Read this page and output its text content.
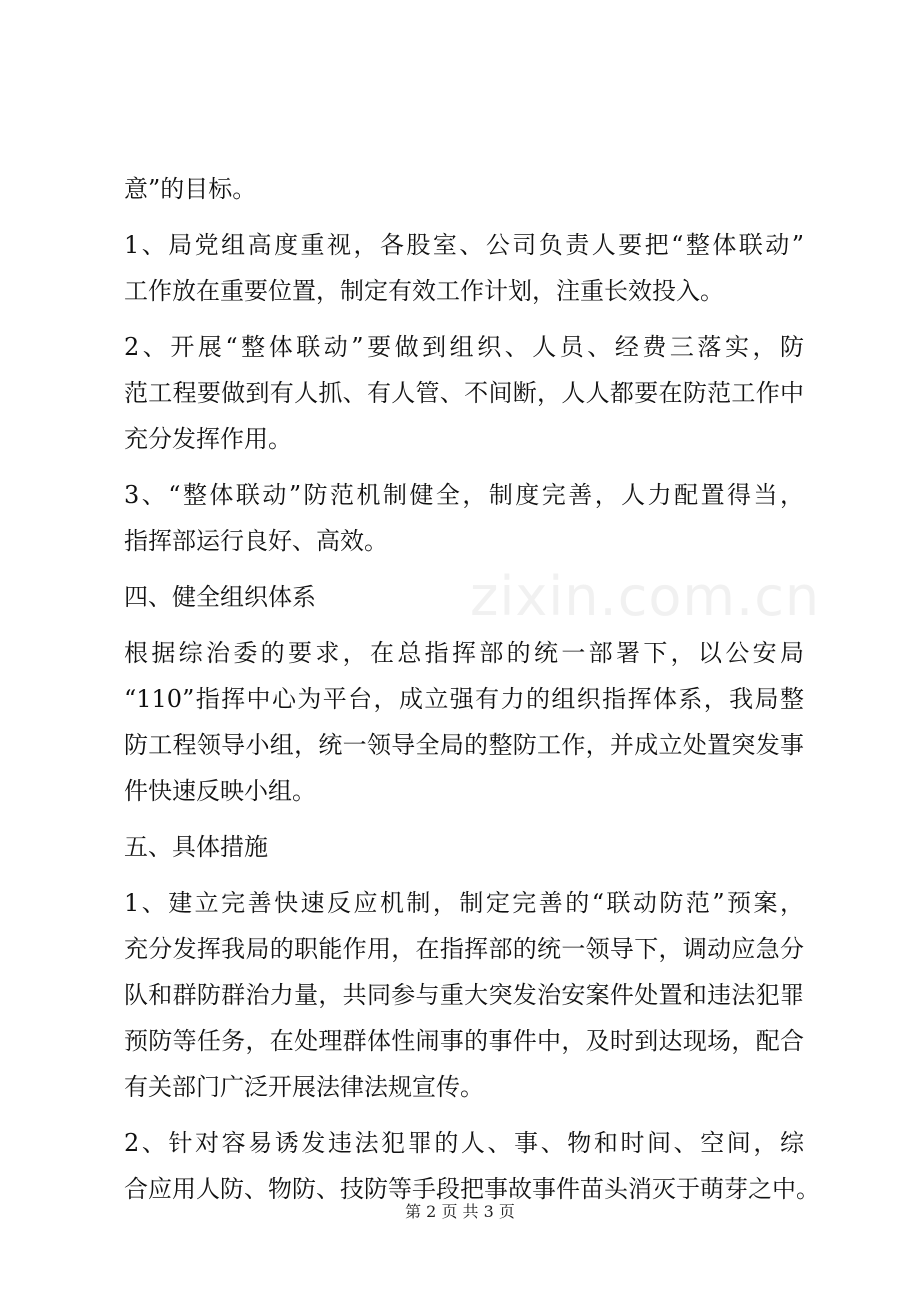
意”的目标。
1、局党组高度重视，各股室、公司负责人要把“整体联动”
工作放在重要位置，制定有效工作计划，注重长效投入。
2、开展“整体联动”要做到组织、人员、经费三落实，防
范工程要做到有人抓、有人管、不间断，人人都要在防范工作中
充分发挥作用。
3、“整体联动”防范机制健全，制度完善，人力配置得当，
指挥部运行良好、高效。
四、健全组织体系
根据综治委的要求，在总指挥部的统一部署下，以公安局
“110”指挥中心为平台，成立强有力的组织指挥体系，我局整
防工程领导小组，统一领导全局的整防工作，并成立处置突发事
件快速反映小组。
五、具体措施
1、建立完善快速反应机制，制定完善的“联动防范”预案，
充分发挥我局的职能作用，在指挥部的统一领导下，调动应急分
队和群防群治力量，共同参与重大突发治安案件处置和违法犯罪
预防等任务，在处理群体性闹事的事件中，及时到达现场，配合
有关部门广泛开展法律法规宣传。
2、针对容易诱发违法犯罪的人、事、物和时间、空间，综
合应用人防、物防、技防等手段把事故事件苗头消灭于萌芽之中。
zixin.com.cn
第 2 页 共 3 页
